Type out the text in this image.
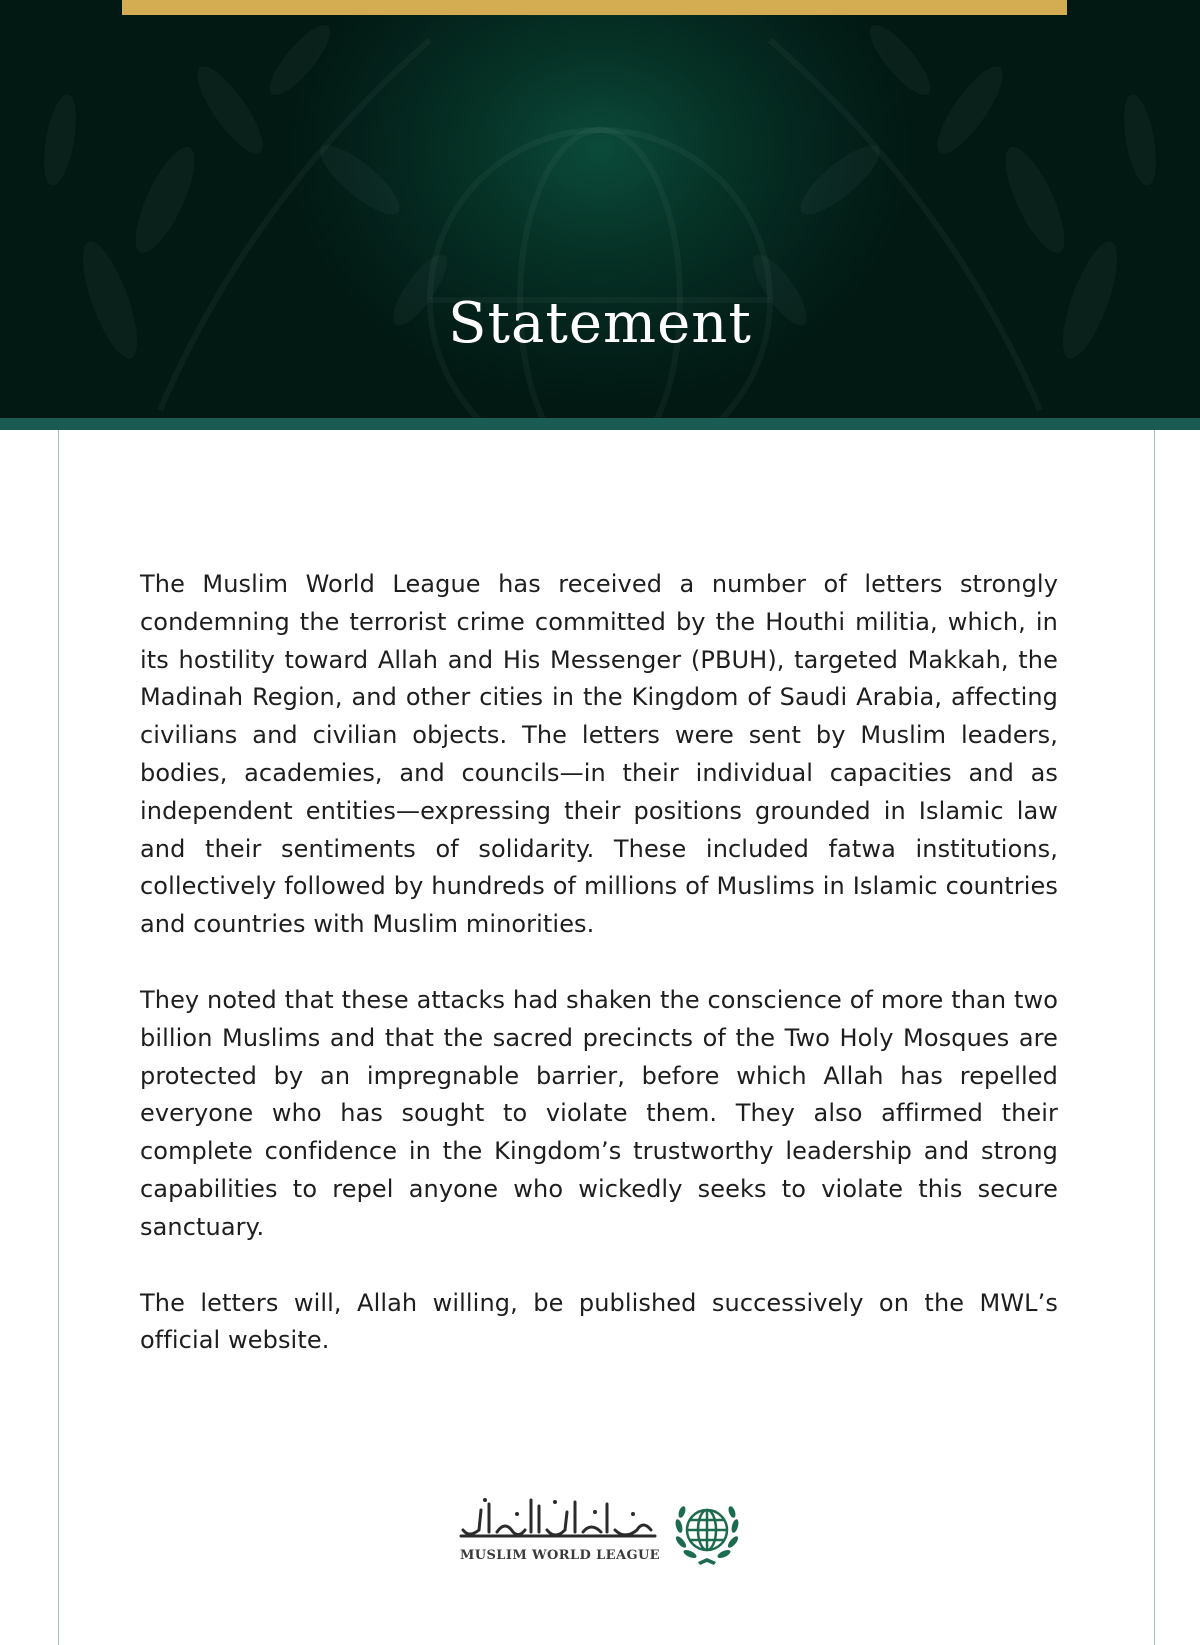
Statement

The Muslim World League has received a number of letters strongly condemning the terrorist crime committed by the Houthi militia, which, in its hostility toward Allah and His Messenger (PBUH), targeted Makkah, the Madinah Region, and other cities in the Kingdom of Saudi Arabia, affecting civilians and civilian objects. The letters were sent by Muslim leaders, bodies, academies, and councils—in their individual capacities and as independent entities—expressing their positions grounded in Islamic law and their sentiments of solidarity. These included fatwa institutions, collectively followed by hundreds of millions of Muslims in Islamic countries and countries with Muslim minorities.

They noted that these attacks had shaken the conscience of more than two billion Muslims and that the sacred precincts of the Two Holy Mosques are protected by an impregnable barrier, before which Allah has repelled everyone who has sought to violate them. They also affirmed their complete confidence in the Kingdom’s trustworthy leadership and strong capabilities to repel anyone who wickedly seeks to violate this secure sanctuary.

The letters will, Allah willing, be published successively on the MWL’s official website.

MUSLIM WORLD LEAGUE
